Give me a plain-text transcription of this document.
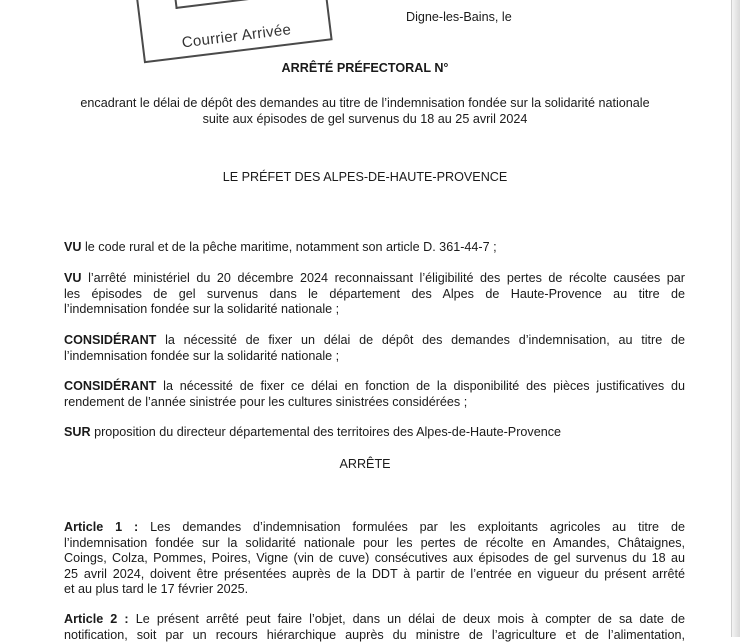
Courrier Arrivée
Digne-les-Bains, le
ARRÊTÉ PRÉFECTORAL N°
encadrant le délai de dépôt des demandes au titre de l’indemnisation fondée sur la solidarité nationale
suite aux épisodes de gel survenus du 18 au 25 avril 2024
LE PRÉFET DES ALPES-DE-HAUTE-PROVENCE
VU le code rural et de la pêche maritime, notamment son article D. 361-44-7 ;
VU l’arrêté ministériel du 20 décembre 2024 reconnaissant l’éligibilité des pertes de récolte causées par
les épisodes de gel survenus dans le département des Alpes de Haute-Provence au titre de
l’indemnisation fondée sur la solidarité nationale ;
CONSIDÉRANT la nécessité de fixer un délai de dépôt des demandes d’indemnisation, au titre de
l’indemnisation fondée sur la solidarité nationale ;
CONSIDÉRANT la nécessité de fixer ce délai en fonction de la disponibilité des pièces justificatives du
rendement de l’année sinistrée pour les cultures sinistrées considérées ;
SUR proposition du directeur départemental des territoires des Alpes-de-Haute-Provence
ARRÊTE
Article 1 : Les demandes d’indemnisation formulées par les exploitants agricoles au titre de
l’indemnisation fondée sur la solidarité nationale pour les pertes de récolte en Amandes, Châtaignes,
Coings, Colza, Pommes, Poires, Vigne (vin de cuve) consécutives aux épisodes de gel survenus du 18 au
25 avril 2024, doivent être présentées auprès de la DDT à partir de l’entrée en vigueur du présent arrêté
et au plus tard le 17 février 2025.
Article 2 : Le présent arrêté peut faire l’objet, dans un délai de deux mois à compter de sa date de
notification, soit par un recours hiérarchique auprès du ministre de l’agriculture et de l’alimentation,
